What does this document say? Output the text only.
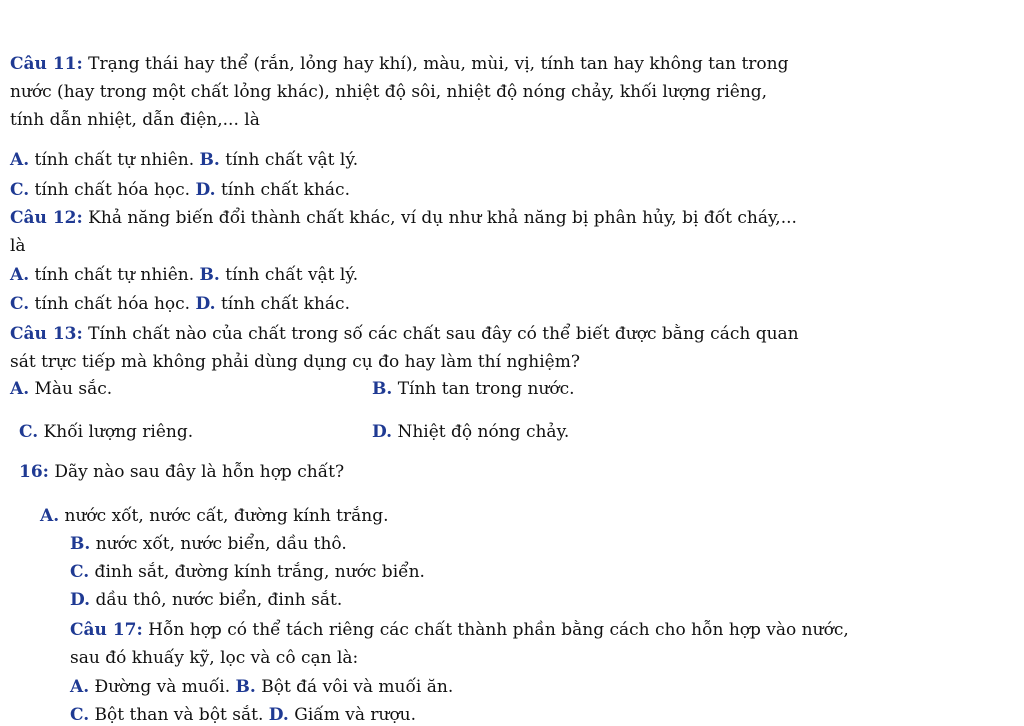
Câu 11: Trạng thái hay thể (rắn, lỏng hay khí), màu, mùi, vị, tính tan hay không tan trong
nước (hay trong một chất lỏng khác), nhiệt độ sôi, nhiệt độ nóng chảy, khối lượng riêng,
tính dẫn nhiệt, dẫn điện,... là
A. tính chất tự nhiên. B. tính chất vật lý.
C. tính chất hóa học. D. tính chất khác.
Câu 12: Khả năng biến đổi thành chất khác, ví dụ như khả năng bị phân hủy, bị đốt cháy,...
là
A. tính chất tự nhiên. B. tính chất vật lý.
C. tính chất hóa học. D. tính chất khác.
Câu 13: Tính chất nào của chất trong số các chất sau đây có thể biết được bằng cách quan
sát trực tiếp mà không phải dùng dụng cụ đo hay làm thí nghiệm?
A. Màu sắc.	B. Tính tan trong nước.
C. Khối lượng riêng.	D. Nhiệt độ nóng chảy.
16: Dãy nào sau đây là hỗn hợp chất?
A. nước xốt, nước cất, đường kính trắng.
B. nước xốt, nước biển, dầu thô.
C. đinh sắt, đường kính trắng, nước biển.
D. dầu thô, nước biển, đinh sắt.
Câu 17: Hỗn hợp có thể tách riêng các chất thành phần bằng cách cho hỗn hợp vào nước,
sau đó khuấy kỹ, lọc và cô cạn là:
A. Đường và muối. B. Bột đá vôi và muối ăn.
C. Bột than và bột sắt. D. Giấm và rượu.
